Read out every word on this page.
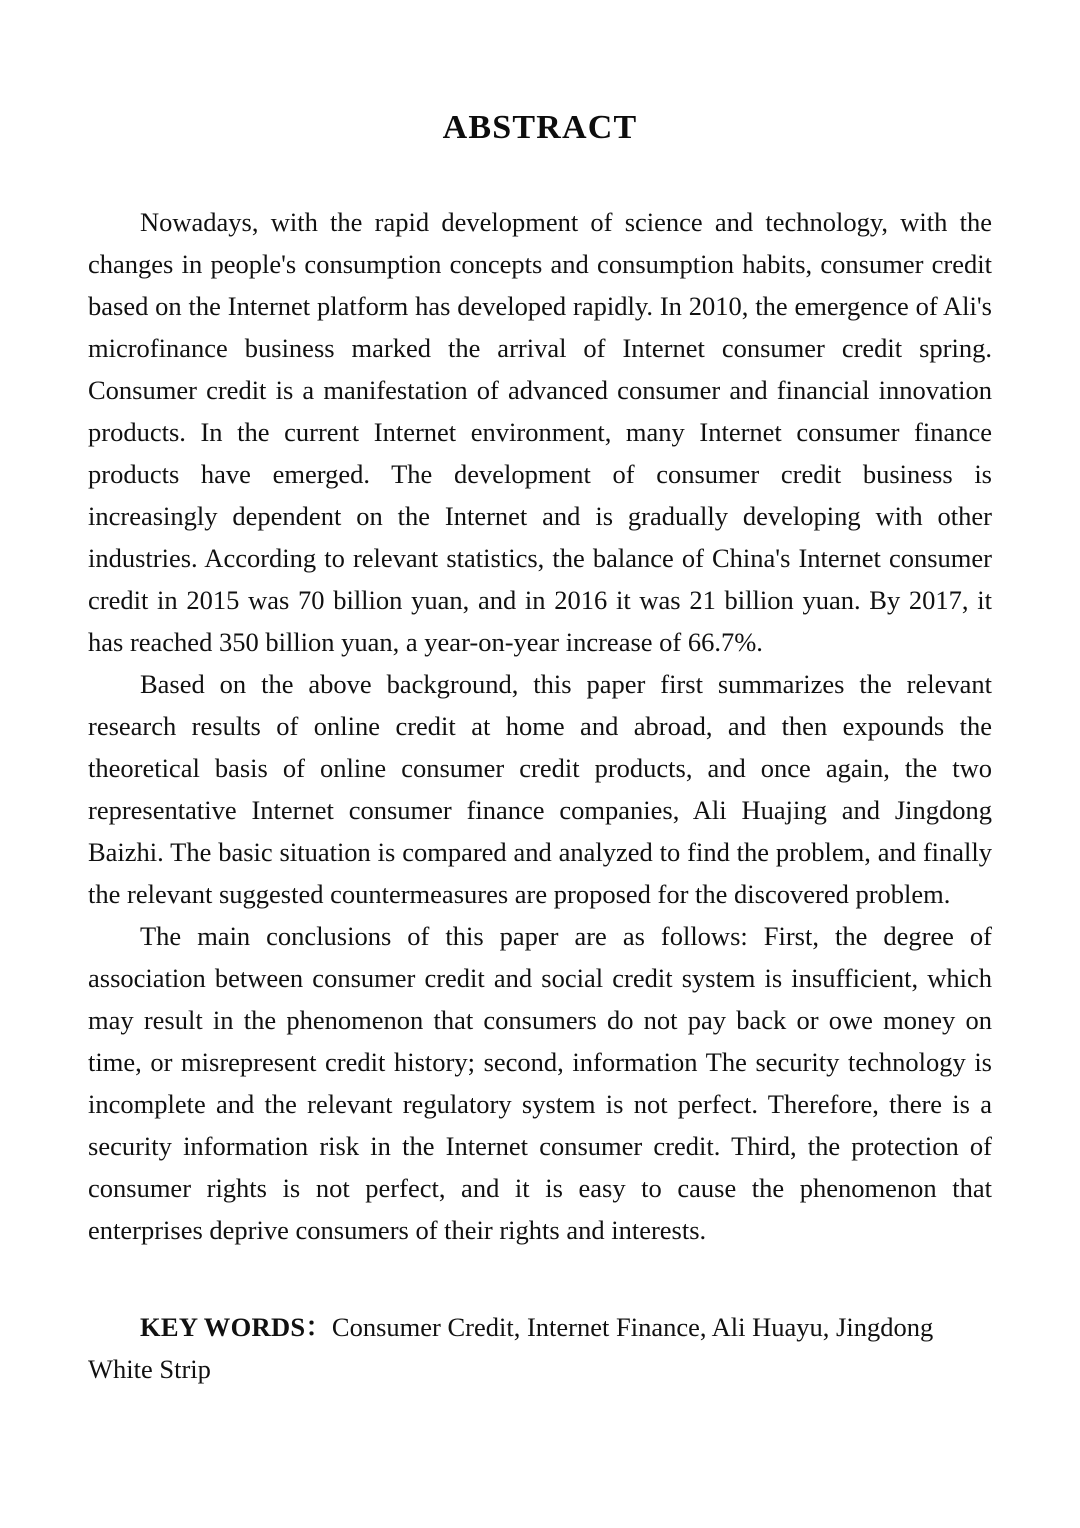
ABSTRACT

Nowadays, with the rapid development of science and technology, with the changes in people's consumption concepts and consumption habits, consumer credit based on the Internet platform has developed rapidly. In 2010, the emergence of Ali's microfinance business marked the arrival of Internet consumer credit spring. Consumer credit is a manifestation of advanced consumer and financial innovation products. In the current Internet environment, many Internet consumer finance products have emerged. The development of consumer credit business is increasingly dependent on the Internet and is gradually developing with other industries. According to relevant statistics, the balance of China's Internet consumer credit in 2015 was 70 billion yuan, and in 2016 it was 21 billion yuan. By 2017, it has reached 350 billion yuan, a year-on-year increase of 66.7%.

Based on the above background, this paper first summarizes the relevant research results of online credit at home and abroad, and then expounds the theoretical basis of online consumer credit products, and once again, the two representative Internet consumer finance companies, Ali Huajing and Jingdong Baizhi. The basic situation is compared and analyzed to find the problem, and finally the relevant suggested countermeasures are proposed for the discovered problem.

The main conclusions of this paper are as follows: First, the degree of association between consumer credit and social credit system is insufficient, which may result in the phenomenon that consumers do not pay back or owe money on time, or misrepresent credit history; second, information The security technology is incomplete and the relevant regulatory system is not perfect. Therefore, there is a security information risk in the Internet consumer credit. Third, the protection of consumer rights is not perfect, and it is easy to cause the phenomenon that enterprises deprive consumers of their rights and interests.

KEY WORDS：Consumer Credit, Internet Finance, Ali Huayu, Jingdong White Strip
